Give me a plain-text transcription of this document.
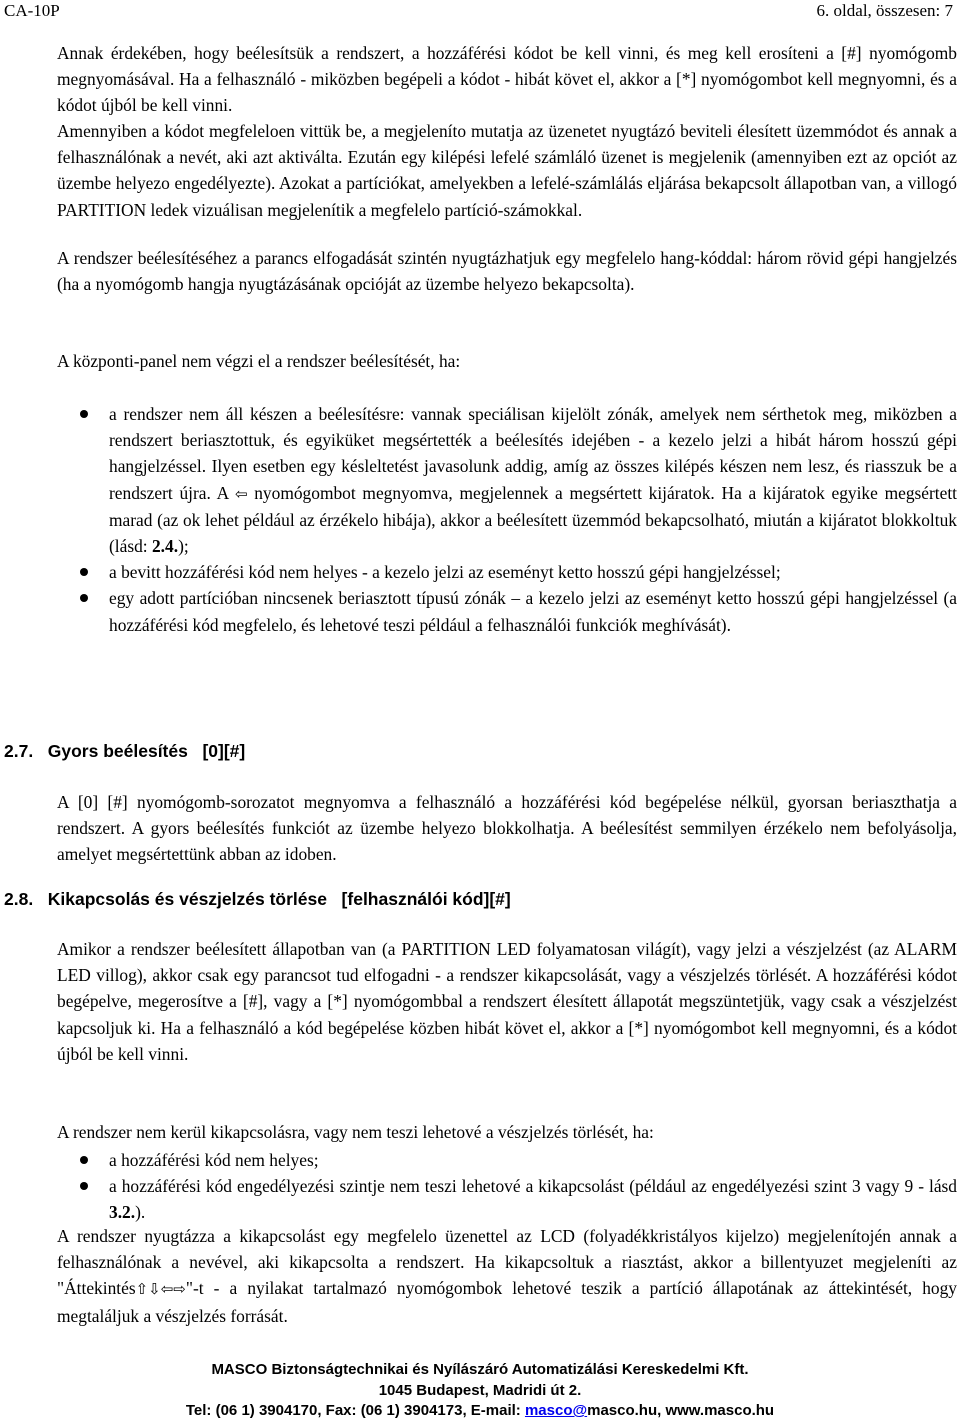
CA-10P	6. oldal, összesen: 7

Annak érdekében, hogy beélesítsük a rendszert, a hozzáférési kódot be kell vinni, és meg kell erosíteni a [#] nyomógomb megnyomásával. Ha a felhasználó - miközben begépeli a kódot - hibát követ el, akkor a [*] nyomógombot kell megnyomni, és a kódot újból be kell vinni.

Amennyiben a kódot megfeleloen vittük be, a megjeleníto mutatja az üzenetet nyugtázó beviteli élesített üzemmódot és annak a felhasználónak a nevét, aki azt aktiválta. Ezután egy kilépési lefelé számláló üzenet is megjelenik (amennyiben ezt az opciót az üzembe helyezo engedélyezte). Azokat a partíciókat, amelyekben a lefelé-számlálás eljárása bekapcsolt állapotban van, a villogó PARTITION ledek vizuálisan megjelenítik a megfelelo partíció-számokkal.

A rendszer beélesítéséhez a parancs elfogadását szintén nyugtázhatjuk egy megfelelo hang-kóddal: három rövid gépi hangjelzés (ha a nyomógomb hangja nyugtázásának opcióját az üzembe helyezo bekapcsolta).

A központi-panel nem végzi el a rendszer beélesítését, ha:

a rendszer nem áll készen a beélesítésre: vannak speciálisan kijelölt zónák, amelyek nem sérthetok meg, miközben a rendszert beriasztottuk, és egyiküket megsértették a beélesítés idejében - a kezelo jelzi a hibát három hosszú gépi hangjelzéssel. Ilyen esetben egy késleltetést javasolunk addig, amíg az összes kilépés készen nem lesz, és riasszuk be a rendszert újra. A ⇦ nyomógombot megnyomva, megjelennek a megsértett kijáratok. Ha a kijáratok egyike megsértett marad (az ok lehet például az érzékelo hibája), akkor a beélesített üzemmód bekapcsolható, miután a kijáratot blokkoltuk (lásd: 2.4.);
a bevitt hozzáférési kód nem helyes - a kezelo jelzi az eseményt ketto hosszú gépi hangjelzéssel;
egy adott partícióban nincsenek beriasztott típusú zónák – a kezelo jelzi az eseményt ketto hosszú gépi hangjelzéssel (a hozzáférési kód megfelelo, és lehetové teszi például a felhasználói funkciók meghívását).
2.7.   Gyors beélesítés   [0][#]

A [0] [#] nyomógomb-sorozatot megnyomva a felhasználó a hozzáférési kód begépelése nélkül, gyorsan beriaszthatja a rendszert. A gyors beélesítés funkciót az üzembe helyezo blokkolhatja. A beélesítést semmilyen érzékelo nem befolyásolja, amelyet megsértettünk abban az idoben.

2.8.   Kikapcsolás és vészjelzés törlése   [felhasználói kód][#]

Amikor a rendszer beélesített állapotban van (a PARTITION LED folyamatosan világít), vagy jelzi a vészjelzést (az ALARM LED villog), akkor csak egy parancsot tud elfogadni - a rendszer kikapcsolását, vagy a vészjelzés törlését. A hozzáférési kódot begépelve, megerosítve a [#], vagy a [*] nyomógombbal a rendszert élesített állapotát megszüntetjük, vagy csak a vészjelzést kapcsoljuk ki. Ha a felhasználó a kód begépelése közben hibát követ el, akkor a [*] nyomógombot kell megnyomni, és a kódot újból be kell vinni.

A rendszer nem kerül kikapcsolásra, vagy nem teszi lehetové a vészjelzés törlését, ha:

a hozzáférési kód nem helyes;
a hozzáférési kód engedélyezési szintje nem teszi lehetové a kikapcsolást (például az engedélyezési szint 3 vagy 9 - lásd 3.2.).

A rendszer nyugtázza a kikapcsolást egy megfelelo üzenettel az LCD (folyadékkristályos kijelzo) megjelenítojén annak a felhasználónak a nevével, aki kikapcsolta a rendszert. Ha kikapcsoltuk a riasztást, akkor a billentyuzet megjeleníti az "Áttekintés⇧⇩⇦⇨"-t - a nyilakat tartalmazó nyomógombok lehetové teszik a partíció állapotának az áttekintését, hogy megtaláljuk a vészjelzés forrását.

MASCO Biztonságtechnikai és Nyílászáró Automatizálási Kereskedelmi Kft.

1045 Budapest, Madridi út 2.

Tel: (06 1) 3904170, Fax: (06 1) 3904173, E-mail: masco@masco.hu, www.masco.hu
